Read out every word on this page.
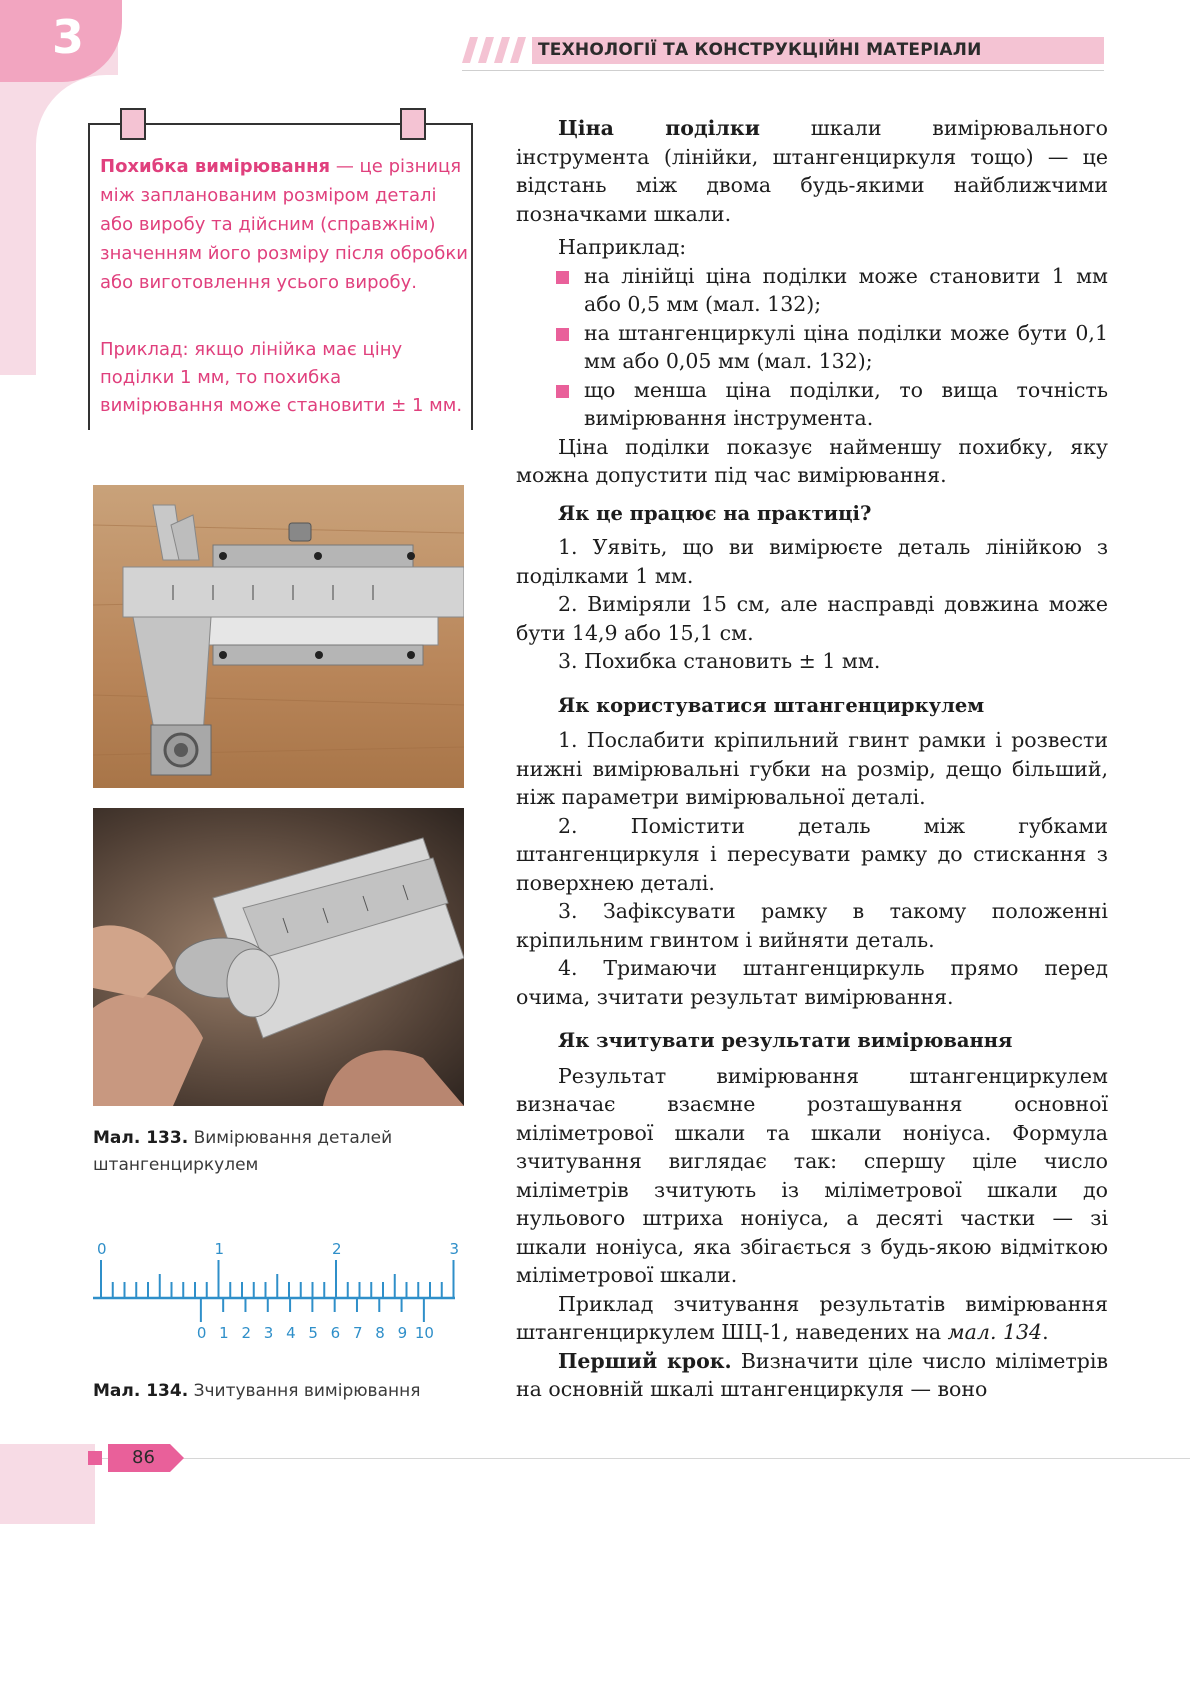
3	ТЕХНОЛОГІЇ ТА КОНСТРУКЦІЙНІ МАТЕРІАЛИ
Похибка вимірювання — це різниця між запланованим розміром деталі або виробу та дійсним (справжнім) значенням його розміру після обробки або виготовлення усього виробу.
Приклад: якщо лінійка має ціну поділки 1 мм, то похибка вимірювання може становити ± 1 мм.
Мал. 133. Вимірювання деталей штангенциркулем
0	1	2	3
0 1 2 3 4 5 6 7 8 9 10
Мал. 134. Зчитування вимірювання

Ціна поділки шкали вимірювального інструмента (лінійки, штангенциркуля тощо) — це відстань між двома будь-якими найближчими позначками шкали.

Наприклад:

на лінійці ціна поділки може становити 1 мм або 0,5 мм (мал. 132);

на штангенциркулі ціна поділки може бути 0,1 мм або 0,05 мм (мал. 132);

що менша ціна поділки, то вища точність вимірювання інструмента.

Ціна поділки показує найменшу похибку, яку можна допустити під час вимірювання.

Як це працює на практиці?

1. Уявіть, що ви вимірюєте деталь лінійкою з поділками 1 мм.

2. Виміряли 15 см, але насправді довжина може бути 14,9 або 15,1 см.

3. Похибка становить ± 1 мм.

Як користуватися штангенциркулем

1. Послабити кріпильний гвинт рамки і розвести нижні вимірювальні губки на розмір, дещо більший, ніж параметри вимірювальної деталі.

2. Помістити деталь між губками штангенциркуля і пересувати рамку до стискання з поверхнею деталі.

3. Зафіксувати рамку в такому положенні кріпильним гвинтом і вийняти деталь.

4. Тримаючи штангенциркуль прямо перед очима, зчитати результат вимірювання.

Як зчитувати результати вимірювання

Результат вимірювання штангенциркулем визначає взаємне розташування основної міліметрової шкали та шкали ноніуса. Формула зчитування виглядає так: спершу ціле число міліметрів зчитують із міліметрової шкали до нульового штриха ноніуса, а десяті частки — зі шкали ноніуса, яка збігається з будь-якою відміткою міліметрової шкали.

Приклад зчитування результатів вимірювання штангенциркулем ШЦ-1, наведених на мал. 134.

Перший крок. Визначити ціле число міліметрів на основній шкалі штангенциркуля — воно

86
